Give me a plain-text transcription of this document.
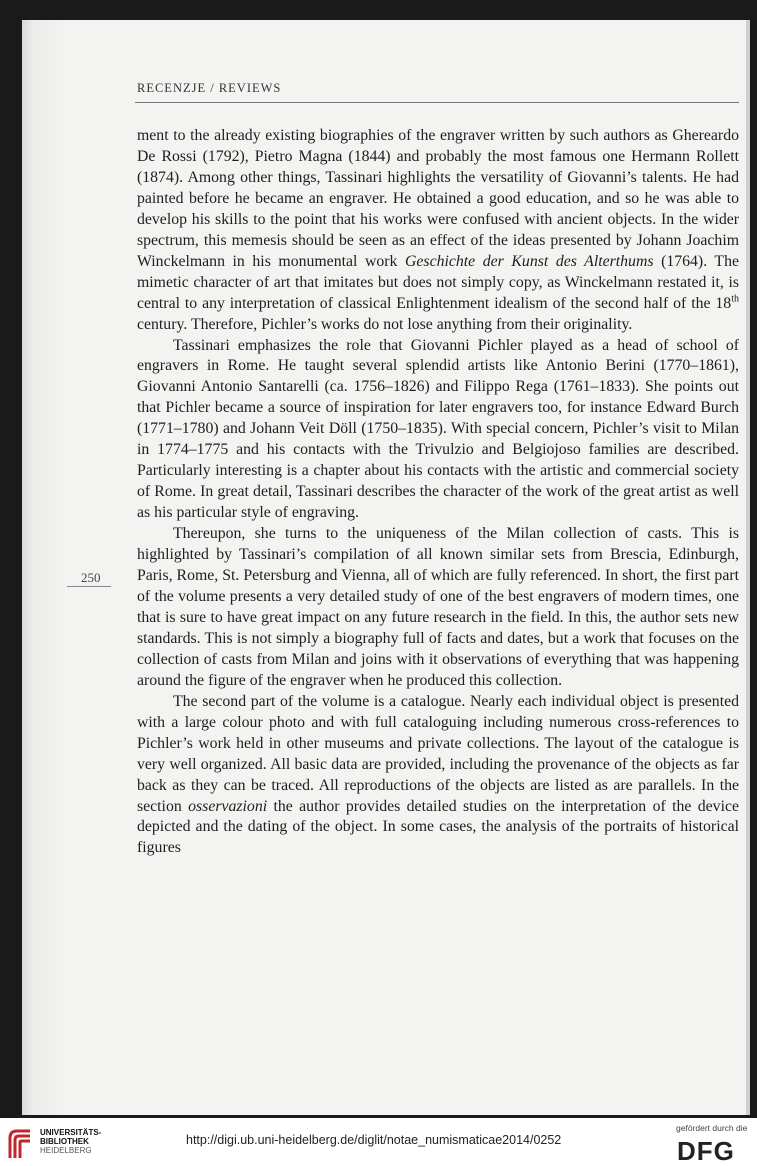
RECENZJE / REVIEWS
250

ment to the already existing biographies of the engraver written by such authors as Ghereardo De Rossi (1792), Pietro Magna (1844) and probably the most famous one Hermann Rollett (1874). Among other things, Tassinari highlights the versatility of Giovanni’s talents. He had painted before he became an engraver. He obtained a good education, and so he was able to develop his skills to the point that his works were confused with ancient objects. In the wider spectrum, this memesis should be seen as an effect of the ideas presented by Johann Joachim Winckelmann in his monumental work Geschichte der Kunst des Alterthums (1764). The mimetic character of art that imitates but does not simply copy, as Winckelmann restated it, is central to any interpretation of classical Enlightenment idealism of the second half of the 18th century. Therefore, Pichler’s works do not lose anything from their originality.

Tassinari emphasizes the role that Giovanni Pichler played as a head of school of engravers in Rome. He taught several splendid artists like Antonio Berini (1770–1861), Giovanni Antonio Santarelli (ca. 1756–1826) and Filippo Rega (1761–1833). She points out that Pichler became a source of inspiration for later engravers too, for instance Edward Burch (1771–1780) and Johann Veit Döll (1750–1835). With special concern, Pichler’s visit to Milan in 1774–1775 and his contacts with the Trivulzio and Belgiojoso families are described. Particularly interesting is a chapter about his contacts with the artistic and commercial society of Rome. In great detail, Tassinari describes the character of the work of the great artist as well as his particular style of engraving.

Thereupon, she turns to the uniqueness of the Milan collection of casts. This is highlighted by Tassinari’s compilation of all known similar sets from Brescia, Edinburgh, Paris, Rome, St. Petersburg and Vienna, all of which are fully referenced. In short, the first part of the volume presents a very detailed study of one of the best engravers of modern times, one that is sure to have great impact on any future research in the field. In this, the author sets new standards. This is not simply a biography full of facts and dates, but a work that focuses on the collection of casts from Milan and joins with it observations of everything that was happening around the figure of the engraver when he produced this collection.

The second part of the volume is a catalogue. Nearly each individual object is presented with a large colour photo and with full cataloguing including numerous cross-references to Pichler’s work held in other museums and private collections. The layout of the catalogue is very well organized. All basic data are provided, including the provenance of the objects as far back as they can be traced. All reproductions of the objects are listed as are parallels. In the section osservazioni the author provides detailed studies on the interpretation of the device depicted and the dating of the object. In some cases, the analysis of the portraits of historical figures

UNIVERSITÄTS-
BIBLIOTHEK
HEIDELBERG
http://digi.ub.uni-heidelberg.de/diglit/notae_numismaticae2014/0252
gefördert durch die
DFG
